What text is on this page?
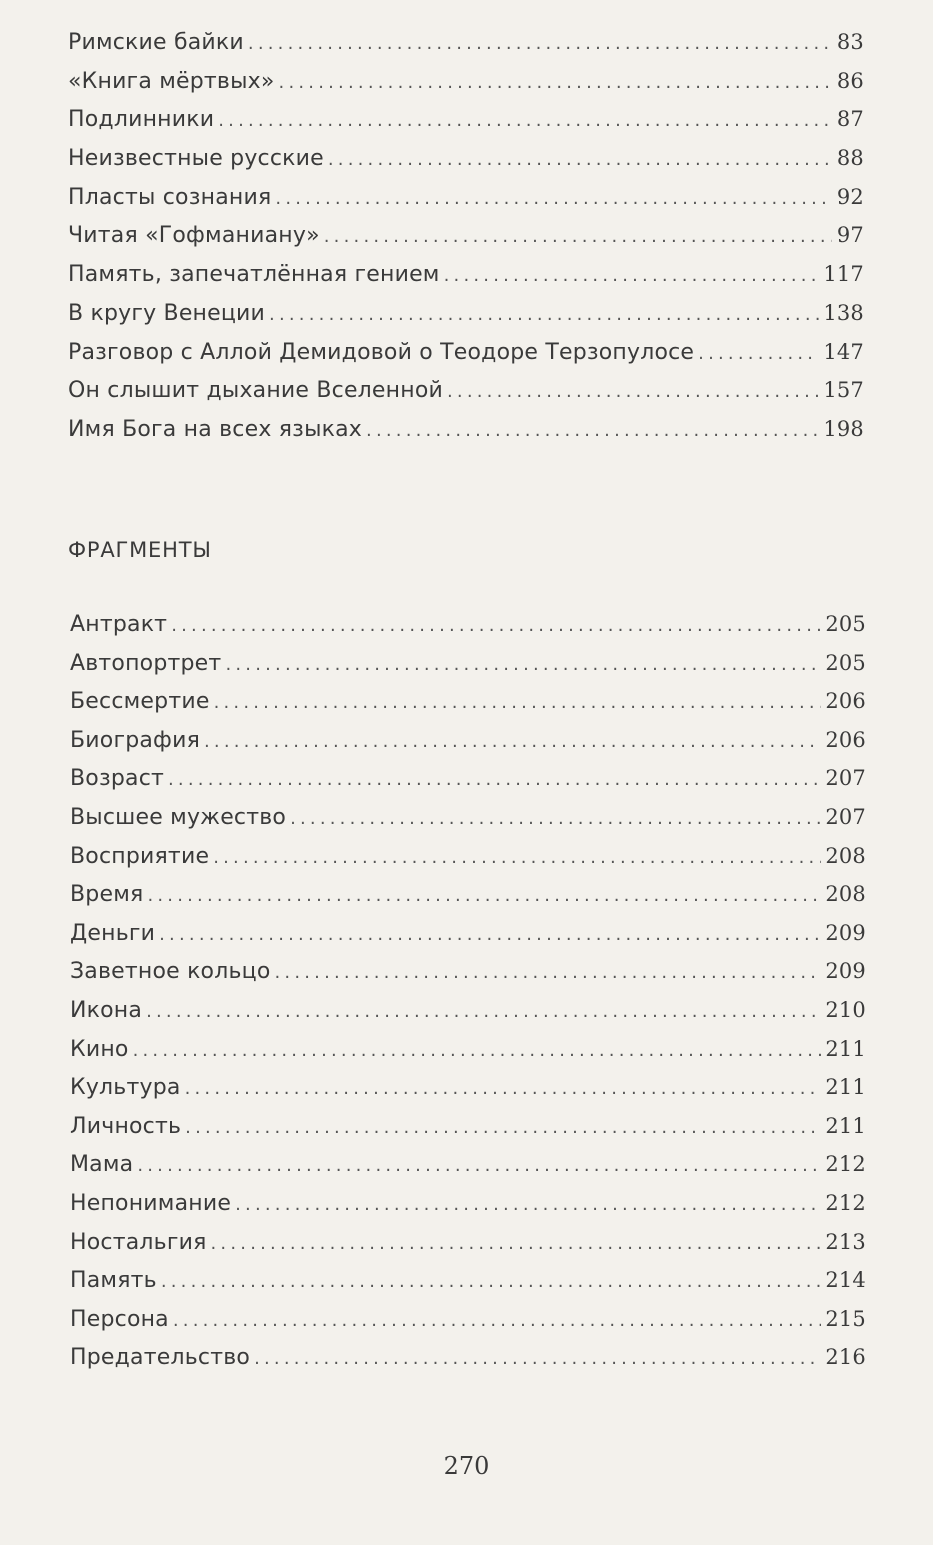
Римские байки .....	83
«Книга мёртвых» .....	86
Подлинники .....	87
Неизвестные русские .....	88
Пласты сознания .....	92
Читая «Гофманиану» .....	97
Память, запечатлённая гением .....	117
В кругу Венеции .....	138
Разговор с Аллой Демидовой о Теодоре Терзопулосе .....	147
Он слышит дыхание Вселенной .....	157
Имя Бога на всех языках .....	198
ФРАГМЕНТЫ
Антракт .....	205
Автопортрет .....	205
Бессмертие .....	206
Биография .....	206
Возраст .....	207
Высшее мужество .....	207
Восприятие .....	208
Время .....	208
Деньги .....	209
Заветное кольцо .....	209
Икона .....	210
Кино .....	211
Культура .....	211
Личность .....	211
Мама .....	212
Непонимание .....	212
Ностальгия .....	213
Память .....	214
Персона .....	215
Предательство .....	216
270
